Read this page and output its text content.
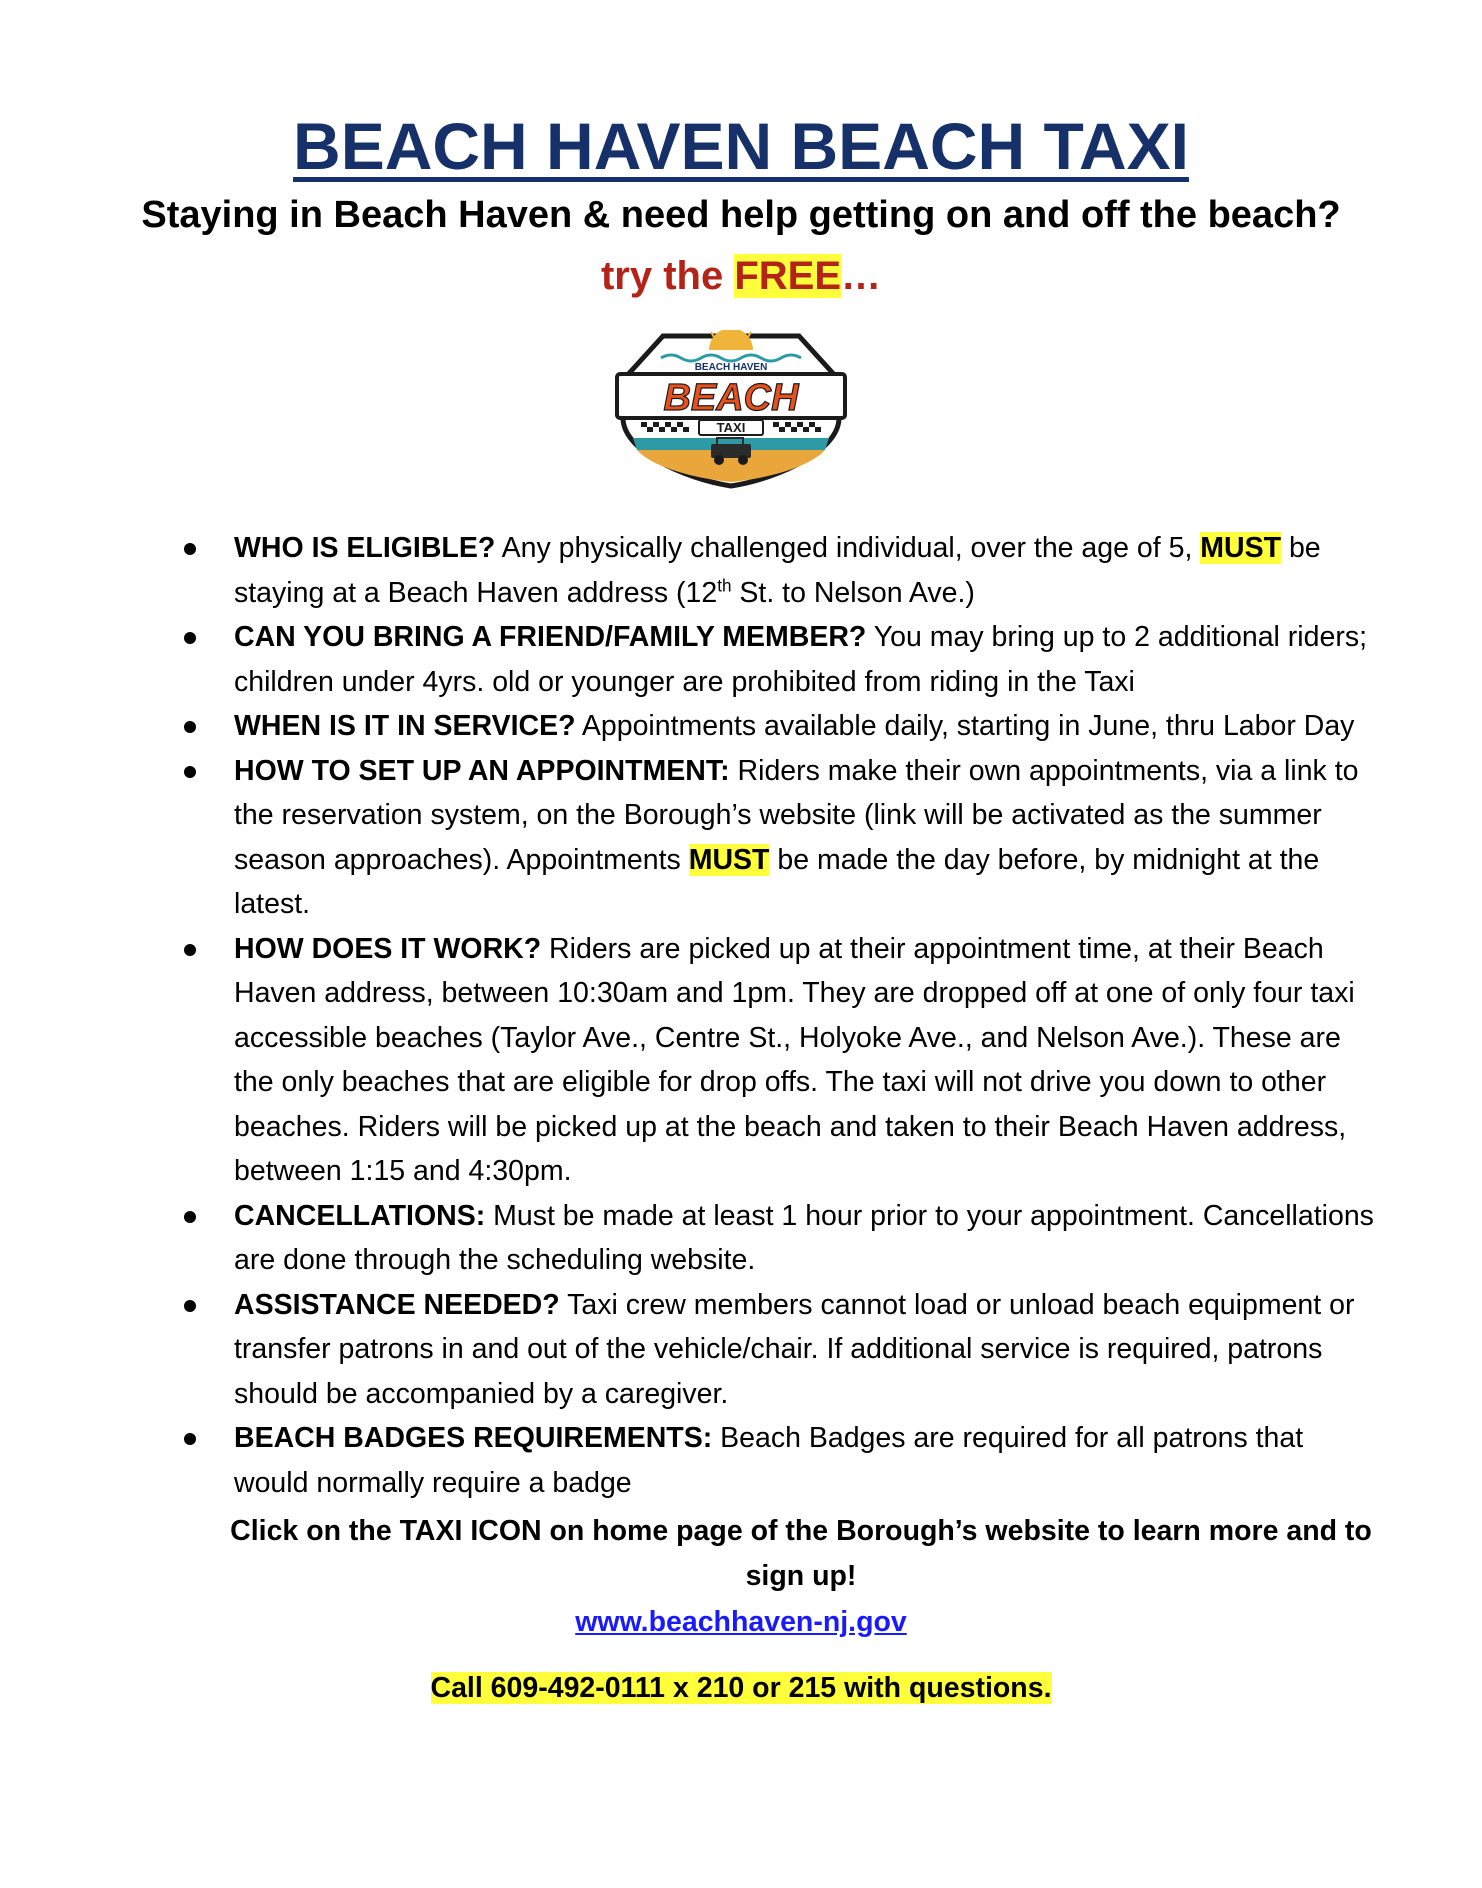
BEACH HAVEN BEACH TAXI

Staying in Beach Haven & need help getting on and off the beach?

try the FREE…

BEACH HAVEN
BEACH
TAXI
WHO IS ELIGIBLE? Any physically challenged individual, over the age of 5, MUST be staying at a Beach Haven address (12th St. to Nelson Ave.)
CAN YOU BRING A FRIEND/FAMILY MEMBER? You may bring up to 2 additional riders; children under 4yrs. old or younger are prohibited from riding in the Taxi
WHEN IS IT IN SERVICE? Appointments available daily, starting in June, thru Labor Day
HOW TO SET UP AN APPOINTMENT: Riders make their own appointments, via a link to the reservation system, on the Borough’s website (link will be activated as the summer season approaches). Appointments MUST be made the day before, by midnight at the latest.
HOW DOES IT WORK? Riders are picked up at their appointment time, at their Beach Haven address, between 10:30am and 1pm. They are dropped off at one of only four taxi accessible beaches (Taylor Ave., Centre St., Holyoke Ave., and Nelson Ave.). These are the only beaches that are eligible for drop offs. The taxi will not drive you down to other beaches. Riders will be picked up at the beach and taken to their Beach Haven address, between 1:15 and 4:30pm.
CANCELLATIONS: Must be made at least 1 hour prior to your appointment. Cancellations are done through the scheduling website.
ASSISTANCE NEEDED? Taxi crew members cannot load or unload beach equipment or transfer patrons in and out of the vehicle/chair. If additional service is required, patrons should be accompanied by a caregiver.
BEACH BADGES REQUIREMENTS: Beach Badges are required for all patrons that would normally require a badge

Click on the TAXI ICON on home page of the Borough’s website to learn more and to sign up!

www.beachhaven-nj.gov

Call 609-492-0111 x 210 or 215 with questions.
